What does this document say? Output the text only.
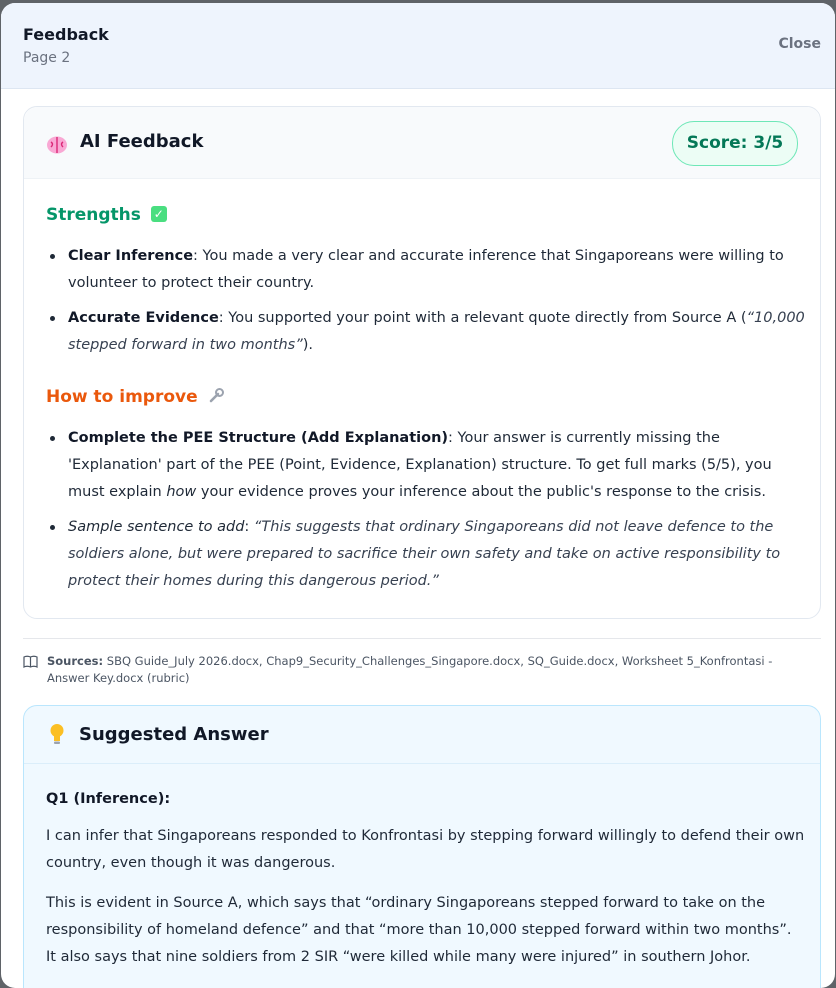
Feedback
Page 2
Close
AI Feedback	Score: 3/5
Strengths ✓
Clear Inference: You made a very clear and accurate inference that Singaporeans were willing to volunteer to protect their country.
Accurate Evidence: You supported your point with a relevant quote directly from Source A (“10,000 stepped forward in two months”).
How to improve
Complete the PEE Structure (Add Explanation): Your answer is currently missing the 'Explanation' part of the PEE (Point, Evidence, Explanation) structure. To get full marks (5/5), you must explain how your evidence proves your inference about the public's response to the crisis.
Sample sentence to add: “This suggests that ordinary Singaporeans did not leave defence to the soldiers alone, but were prepared to sacrifice their own safety and take on active responsibility to protect their homes during this dangerous period.”
Sources: SBQ Guide_July 2026.docx, Chap9_Security_Challenges_Singapore.docx, SQ_Guide.docx, Worksheet 5_Konfrontasi - Answer Key.docx (rubric)
Suggested Answer

Q1 (Inference):

I can infer that Singaporeans responded to Konfrontasi by stepping forward willingly to defend their own country, even though it was dangerous.

This is evident in Source A, which says that “ordinary Singaporeans stepped forward to take on the responsibility of homeland defence” and that “more than 10,000 stepped forward within two months”. It also says that nine soldiers from 2 SIR “were killed while many were injured” in southern Johor.
